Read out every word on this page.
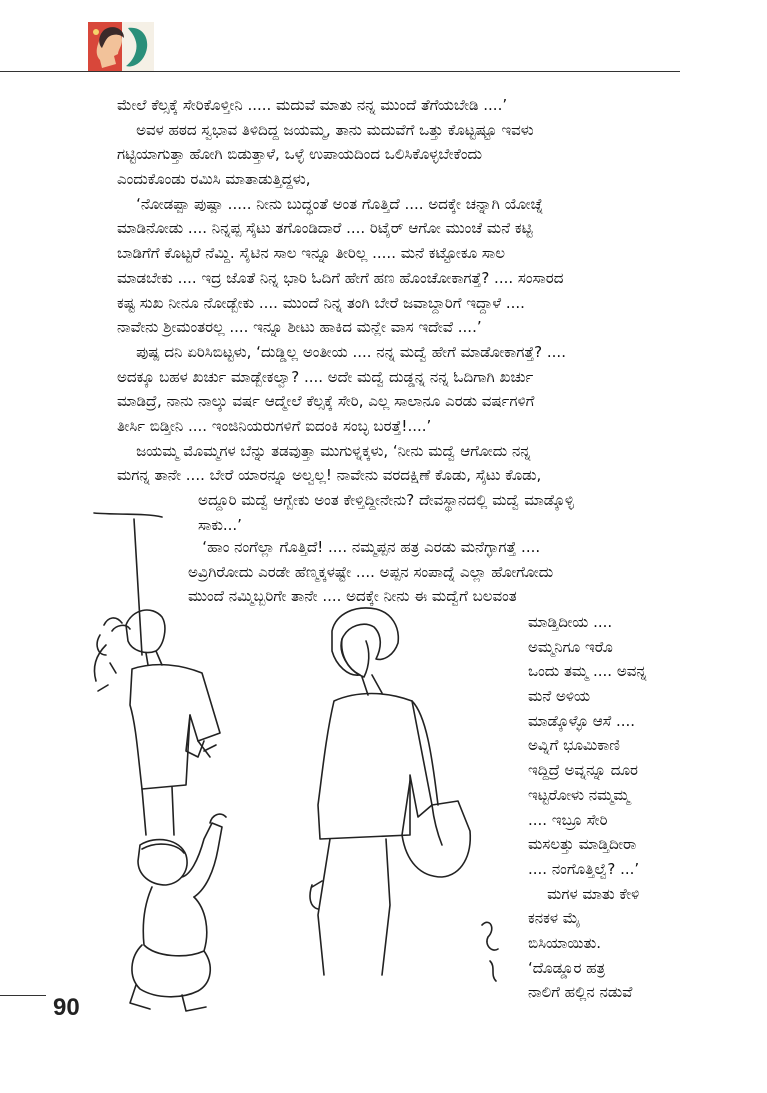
ಮೇಲೆ ಕೆಲ್ಸಕ್ಕೆ ಸೇರಿಕೊಳ್ತೀನಿ ..... ಮದುವೆ ಮಾತು ನನ್ನ ಮುಂದೆ ತೆಗೆಯಬೇಡಿ ....’
ಅವಳ ಹಠದ ಸ್ವಭಾವ ತಿಳಿದಿದ್ದ ಜಯಮ್ಮ, ತಾನು ಮದುವೆಗೆ ಒತ್ತು ಕೊಟ್ಟಷ್ಟೂ ಇವಳು
ಗಟ್ಟಿಯಾಗುತ್ತಾ ಹೋಗಿ ಬಿಡುತ್ತಾಳೆ, ಒಳ್ಳೆ ಉಪಾಯದಿಂದ ಒಲಿಸಿಕೊಳ್ಳಬೇಕೆಂದು
ಎಂದುಕೊಂಡು ರಮಿಸಿ ಮಾತಾಡುತ್ತಿದ್ದಳು,
‘ನೋಡಪ್ಪಾ ಪುಷ್ಪಾ ..... ನೀನು ಬುದ್ಧಂತೆ ಅಂತ ಗೊತ್ತಿದೆ .... ಅದಕ್ಕೇ ಚನ್ನಾಗಿ ಯೋಚ್ನೆ
ಮಾಡಿನೋಡು .... ನಿನ್ನಪ್ಪ ಸೈಟು ತಗೊಂಡಿದಾರೆ .... ರಿಟೈರ್ ಆಗೋ ಮುಂಚೆ ಮನೆ ಕಟ್ಟಿ
ಬಾಡಿಗೆಗೆ ಕೊಟ್ಟರೆ ನೆಮ್ದಿ. ಸೈಟಿನ ಸಾಲ ಇನ್ನೂ ತೀರಿಲ್ಲ ..... ಮನೆ ಕಟ್ಟೋಕೂ ಸಾಲ
ಮಾಡಬೇಕು .... ಇದ್ರ ಜೊತೆ ನಿನ್ನ ಭಾರಿ ಓದಿಗೆ ಹೇಗೆ ಹಣ ಹೊಂಚೋಕಾಗತ್ತೆ? .... ಸಂಸಾರದ
ಕಷ್ಟ ಸುಖ ನೀನೂ ನೋಡ್ಬೇಕು .... ಮುಂದೆ ನಿನ್ನ ತಂಗಿ ಬೇರೆ ಜವಾಬ್ದಾರಿಗೆ ಇದ್ದಾಳೆ ....
ನಾವೇನು ಶ್ರೀಮಂತರಲ್ಲ .... ಇನ್ನೂ ಶೀಟು ಹಾಕಿದ ಮನ್ಲೇ ವಾಸ ಇದೇವೆ ....’
ಪುಷ್ಪ ದನಿ ಏರಿಸಿಬಿಟ್ಟಳು, ‘ದುಡ್ಡಿಲ್ಲ ಅಂತೀಯ .... ನನ್ನ ಮದ್ವೆ ಹೇಗೆ ಮಾಡೋಕಾಗತ್ತೆ? ....
ಅದಕ್ಕೂ ಬಹಳ ಖರ್ಚು ಮಾಡ್ಬೇಕಲ್ವಾ? .... ಅದೇ ಮದ್ವೆ ದುಡ್ಡನ್ನ ನನ್ನ ಓದಿಗಾಗಿ ಖರ್ಚು
ಮಾಡಿದ್ರೆ, ನಾನು ನಾಲ್ಕು ವರ್ಷ ಆದ್ಮೇಲೆ ಕೆಲ್ಸಕ್ಕೆ ಸೇರಿ, ಎಲ್ಲ ಸಾಲಾನೂ ಎರಡು ವರ್ಷಗಳಿಗೆ
ತೀರ್ಸಿ ಬಿಡ್ತೀನಿ .... ಇಂಜಿನಿಯರುಗಳಿಗೆ ಐದಂಕಿ ಸಂಬ್ಳ ಬರತ್ತೆ!....’
ಜಯಮ್ಮ ಮೊಮ್ಮಗಳ ಬೆನ್ನು ತಡವುತ್ತಾ ಮುಗುಳ್ನಕ್ಕಳು, ‘ನೀನು ಮದ್ವೆ ಆಗೋದು ನನ್ನ
ಮಗನ್ನ ತಾನೇ .... ಬೇರೆ ಯಾರನ್ನೂ ಅಲ್ವಲ್ಲ! ನಾವೇನು ವರದಕ್ಷಿಣೆ ಕೊಡು, ಸೈಟು ಕೊಡು,
ಅದ್ದೂರಿ ಮದ್ವೆ ಆಗ್ಬೇಕು ಅಂತ ಕೇಳ್ತಿದ್ದೀನೇನು? ದೇವಸ್ಥಾನದಲ್ಲಿ ಮದ್ವೆ ಮಾಡ್ಕೊಳ್ಳಿ
ಸಾಕು...’
‘ಹಾಂ ನಂಗೆಲ್ಲಾ ಗೊತ್ತಿದೆ! .... ನಮ್ಮಪ್ಪನ ಹತ್ರ ಎರಡು ಮನೆಗ್ಳಾಗತ್ತೆ ....
ಅವ್ರಿಗಿರೋದು ಎರಡೇ ಹೆಣ್ಮಕ್ಕಳಷ್ಟೇ .... ಅಪ್ಪನ ಸಂಪಾದ್ನೆ ಎಲ್ಲಾ ಹೋಗೋದು
ಮುಂದೆ ನಮ್ಮಿಬ್ಬರಿಗೇ ತಾನೇ .... ಅದಕ್ಕೇ ನೀನು ಈ ಮದ್ವೆಗೆ ಬಲವಂತ
ಮಾಡ್ತಿದೀಯ ....
ಅಮ್ಮನಿಗೂ ಇರೊ
ಒಂದು ತಮ್ಮ .... ಅವನ್ನ
ಮನೆ ಅಳಿಯ
ಮಾಡ್ಕೊಳ್ಳೊ ಆಸೆ ....
ಅವ್ನಿಗೆ ಭೂಮಿಕಾಣಿ
ಇದ್ದಿದ್ರೆ ಅವ್ನನ್ನೂ ದೂರ
ಇಟ್ಟರೋಳು ನಮ್ಮಮ್ಮ
.... ಇಬ್ರೂ ಸೇರಿ
ಮಸಲತ್ತು ಮಾಡ್ತಿದೀರಾ
.... ನಂಗೊತ್ತಿಲ್ವೆ? ...’
ಮಗಳ ಮಾತು ಕೇಳಿ
ಕನಕಳ ಮೈ
ಬಿಸಿಯಾಯಿತು.
‘ದೊಡ್ಡೂರ ಹತ್ರ
ನಾಲಿಗೆ ಹಲ್ಲಿನ ನಡುವೆ
90
